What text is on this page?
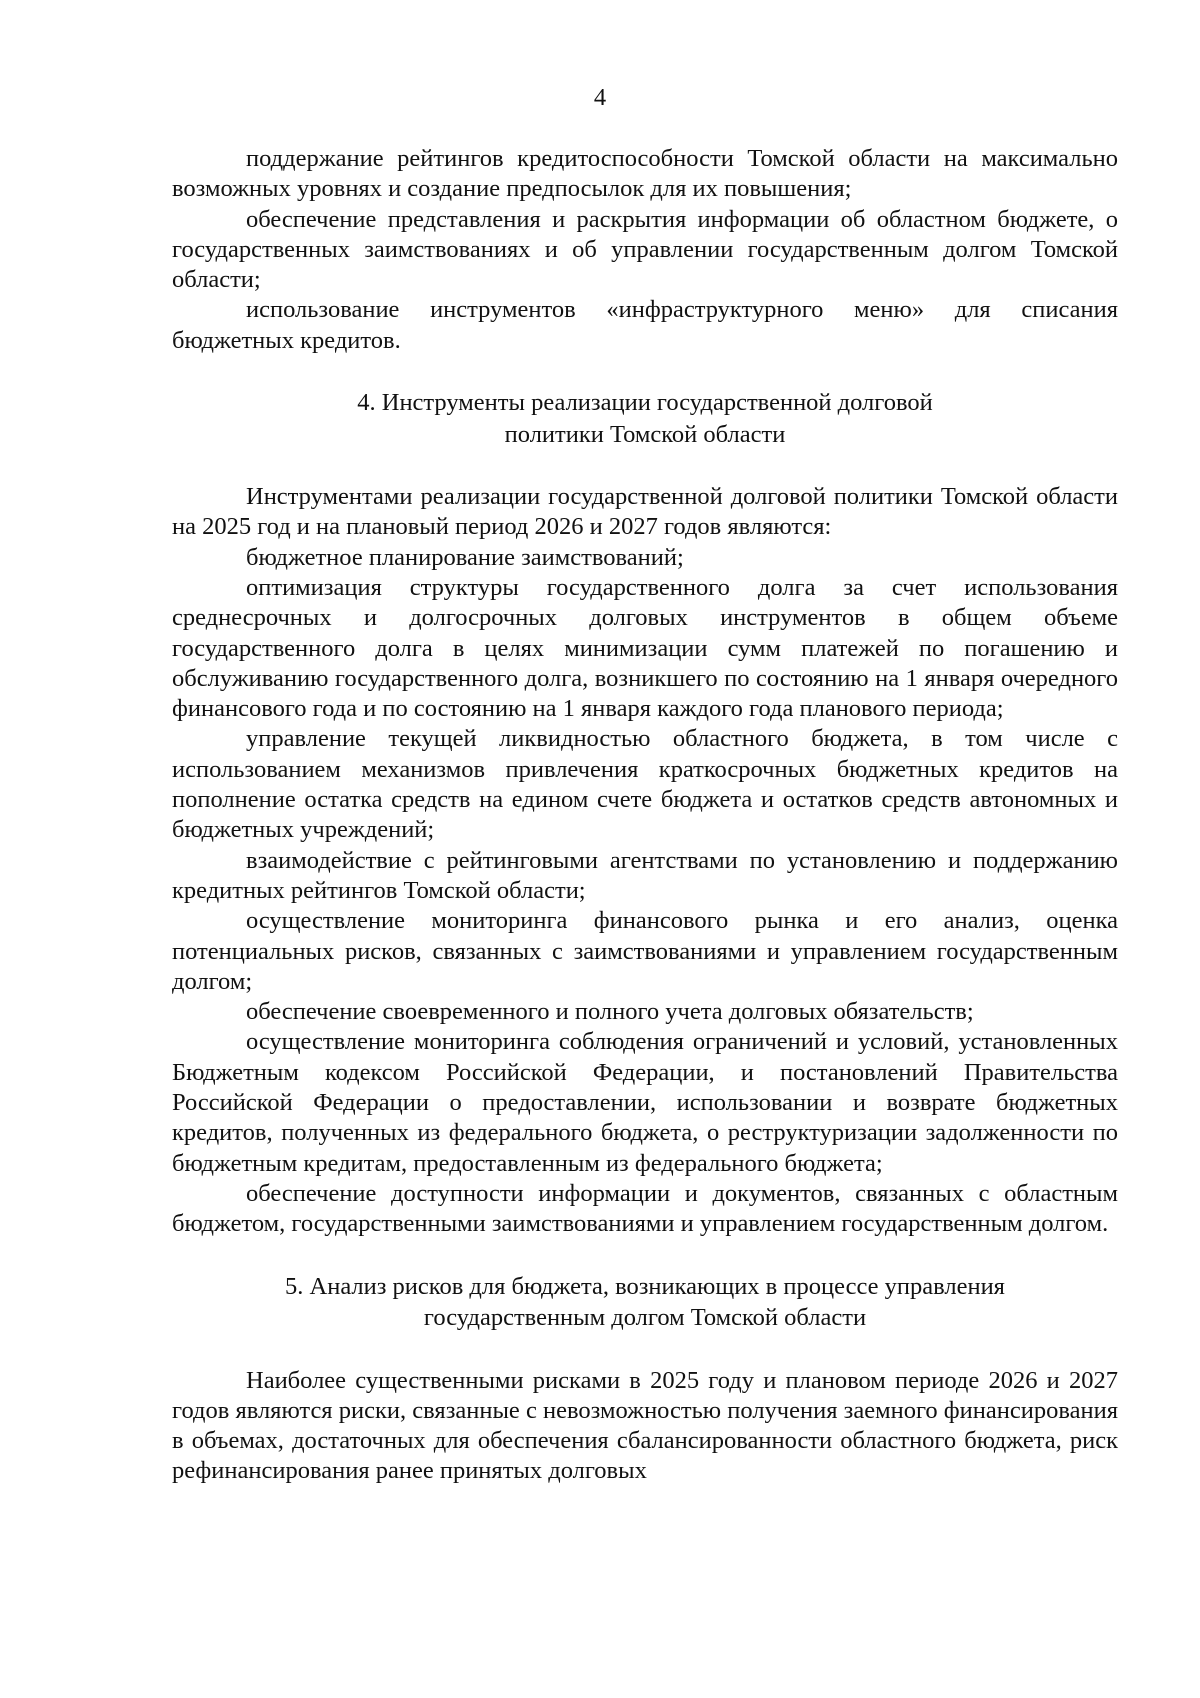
4

поддержание рейтингов кредитоспособности Томской области на максимально возможных уровнях и создание предпосылок для их повышения;

обеспечение представления и раскрытия информации об областном бюджете, о государственных заимствованиях и об управлении государственным долгом Томской области;

использование инструментов «инфраструктурного меню» для списания бюджетных кредитов.

4. Инструменты реализации государственной долговой
политики Томской области

Инструментами реализации государственной долговой политики Томской области на 2025 год и на плановый период 2026 и 2027 годов являются:

бюджетное планирование заимствований;

оптимизация структуры государственного долга за счет использования среднесрочных и долгосрочных долговых инструментов в общем объеме государственного долга в целях минимизации сумм платежей по погашению и обслуживанию государственного долга, возникшего по состоянию на 1 января очередного финансового года и по состоянию на 1 января каждого года планового периода;

управление текущей ликвидностью областного бюджета, в том числе с использованием механизмов привлечения краткосрочных бюджетных кредитов на пополнение остатка средств на едином счете бюджета и остатков средств автономных и бюджетных учреждений;

взаимодействие с рейтинговыми агентствами по установлению и поддержанию кредитных рейтингов Томской области;

осуществление мониторинга финансового рынка и его анализ, оценка потенциальных рисков, связанных с заимствованиями и управлением государственным долгом;

обеспечение своевременного и полного учета долговых обязательств;

осуществление мониторинга соблюдения ограничений и условий, установленных Бюджетным кодексом Российской Федерации, и постановлений Правительства Российской Федерации о предоставлении, использовании и возврате бюджетных кредитов, полученных из федерального бюджета, о реструктуризации задолженности по бюджетным кредитам, предоставленным из федерального бюджета;

обеспечение доступности информации и документов, связанных с областным бюджетом, государственными заимствованиями и управлением государственным долгом.

5. Анализ рисков для бюджета, возникающих в процессе управления
государственным долгом Томской области

Наиболее существенными рисками в 2025 году и плановом периоде 2026 и 2027 годов являются риски, связанные с невозможностью получения заемного финансирования в объемах, достаточных для обеспечения сбалансированности областного бюджета, риск рефинансирования ранее принятых долговых
